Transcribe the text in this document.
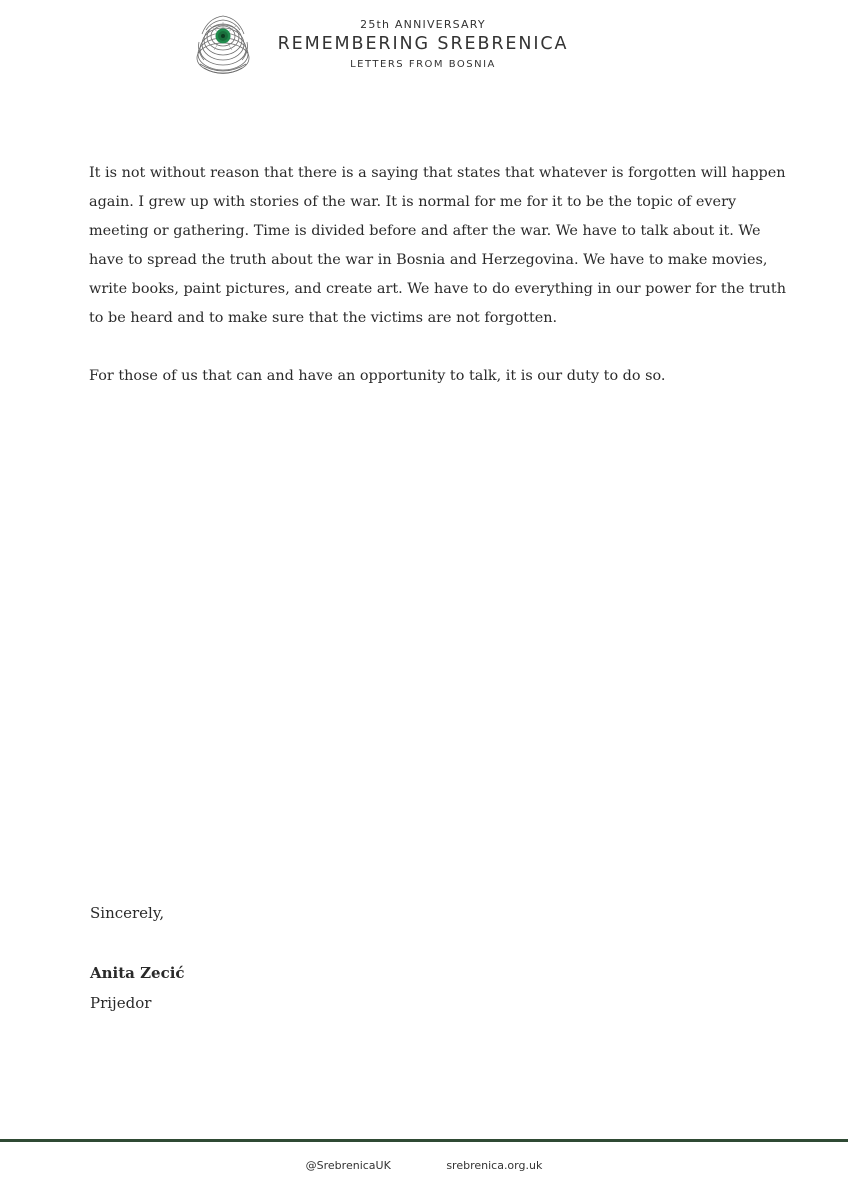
25th ANNIVERSARY
REMEMBERING SREBRENICA
LETTERS FROM BOSNIA

It is not without reason that there is a saying that states that whatever is forgotten will happen again. I grew up with stories of the war. It is normal for me for it to be the topic of every meeting or gathering. Time is divided before and after the war. We have to talk about it. We have to spread the truth about the war in Bosnia and Herzegovina. We have to make movies, write books, paint pictures, and create art. We have to do everything in our power for the truth to be heard and to make sure that the victims are not forgotten.

For those of us that can and have an opportunity to talk, it is our duty to do so.

Sincerely,
Anita Zecić
Prijedor
@SrebrenicaUK	srebrenica.org.uk
